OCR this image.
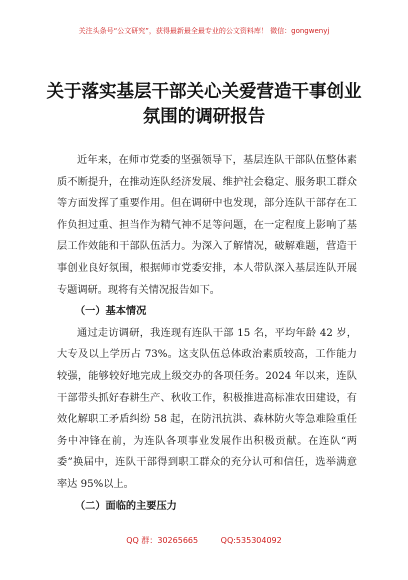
关注头条号“公文研究”，获得最新最全最专业的公文资料库！ 微信：gongwenyj
关于落实基层干部关心关爱营造干事创业
氛围的调研报告

近年来，在师市党委的坚强领导下，基层连队干部队伍整体素质不断提升，在推动连队经济发展、维护社会稳定、服务职工群众等方面发挥了重要作用。但在调研中也发现，部分连队干部存在工作负担过重、担当作为精气神不足等问题，在一定程度上影响了基层工作效能和干部队伍活力。为深入了解情况，破解难题，营造干事创业良好氛围，根据师市党委安排，本人带队深入基层连队开展专题调研。现将有关情况报告如下。

（一）基本情况

通过走访调研，我连现有连队干部 15 名，平均年龄 42 岁，大专及以上学历占 73%。这支队伍总体政治素质较高，工作能力较强，能够较好地完成上级交办的各项任务。2024 年以来，连队干部带头抓好春耕生产、秋收工作，积极推进高标准农田建设，有效化解职工矛盾纠纷 58 起，在防汛抗洪、森林防火等急难险重任务中冲锋在前，为连队各项事业发展作出积极贡献。在连队“两委”换届中，连队干部得到职工群众的充分认可和信任，选举满意率达 95%以上。

（二）面临的主要压力

QQ 群：30265665	QQ:535304092
